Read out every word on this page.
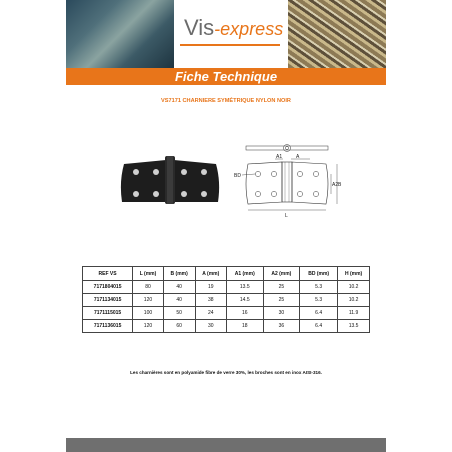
Vis-express
Fiche Technique
VS7171 CHARNIERE SYMÉTRIQUE NYLON NOIR
A1	A
BD
A2 B
L
REF VS	L (mm)	B (mm)	A (mm)	A1 (mm)	A2 (mm)	BD (mm)	H (mm)
7171804015	80	40	19	13.5	25	5.3	10.2
7171134015	120	40	38	14.5	25	5.3	10.2
7171115015	100	50	24	16	30	6.4	11.9
7171136015	120	60	30	18	36	6.4	13.5
Les charnières sont en polyamide fibre de verre 30%, les broches sont en inox AISI-316.
